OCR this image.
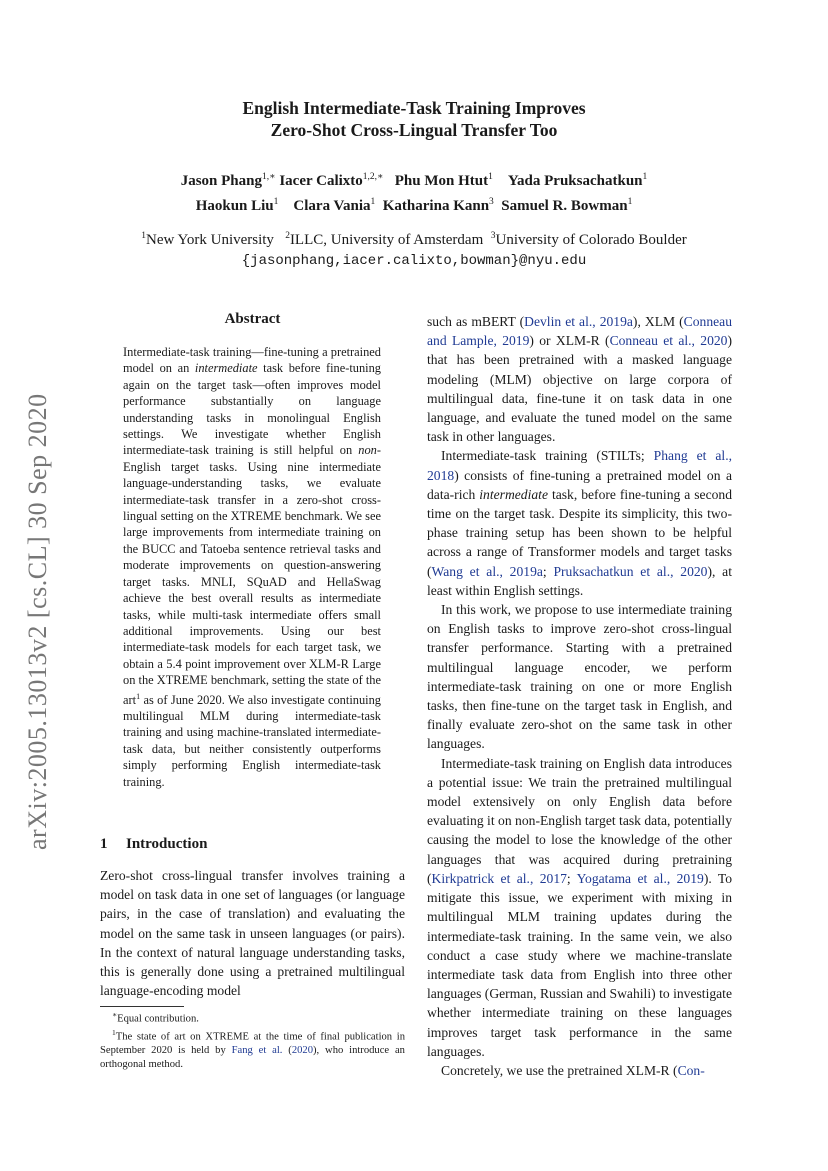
English Intermediate-Task Training Improves
Zero-Shot Cross-Lingual Transfer Too
Jason Phang$^{1,∗}$ Iacer Calixto$^{1,2,∗}$ Phu Mon Htut$^1$ Yada Pruksachatkun$^1$
Haokun Liu$^1$ Clara Vania$^1$ Katharina Kann$^3$ Samuel R. Bowman$^1$
$^1$New York University $^2$ILLC, University of Amsterdam $^3$University of Colorado Boulder
{jasonphang,iacer.calixto,bowman}@nyu.edu
arXiv:2005.13013v2 [cs.CL] 30 Sep 2020
Abstract
Intermediate-task training—fine-tuning a pretrained model on an intermediate task before fine-tuning again on the target task—often improves model performance substantially on language understanding tasks in monolingual English settings. We investigate whether English intermediate-task training is still helpful on non-English target tasks. Using nine intermediate language-understanding tasks, we evaluate intermediate-task transfer in a zero-shot cross-lingual setting on the XTREME benchmark. We see large improvements from intermediate training on the BUCC and Tatoeba sentence retrieval tasks and moderate improvements on question-answering target tasks. MNLI, SQuAD and HellaSwag achieve the best overall results as intermediate tasks, while multi-task intermediate offers small additional improvements. Using our best intermediate-task models for each target task, we obtain a 5.4 point improvement over XLM-R Large on the XTREME benchmark, setting the state of the art$^1$ as of June 2020. We also investigate continuing multilingual MLM during intermediate-task training and using machine-translated intermediate-task data, but neither consistently outperforms simply performing English intermediate-task training.
1 Introduction

Zero-shot cross-lingual transfer involves training a model on task data in one set of languages (or language pairs, in the case of translation) and evaluating the model on the same task in unseen languages (or pairs). In the context of natural language understanding tasks, this is generally done using a pretrained multilingual language-encoding model

∗Equal contribution.

$^1$The state of art on XTREME at the time of final publication in September 2020 is held by Fang et al. (2020), who introduce an orthogonal method.

such as mBERT (Devlin et al., 2019a), XLM (Conneau and Lample, 2019) or XLM-R (Conneau et al., 2020) that has been pretrained with a masked language modeling (MLM) objective on large corpora of multilingual data, fine-tune it on task data in one language, and evaluate the tuned model on the same task in other languages.

Intermediate-task training (STILTs; Phang et al., 2018) consists of fine-tuning a pretrained model on a data-rich intermediate task, before fine-tuning a second time on the target task. Despite its simplicity, this two-phase training setup has been shown to be helpful across a range of Transformer models and target tasks (Wang et al., 2019a; Pruksachatkun et al., 2020), at least within English settings.

In this work, we propose to use intermediate training on English tasks to improve zero-shot cross-lingual transfer performance. Starting with a pretrained multilingual language encoder, we perform intermediate-task training on one or more English tasks, then fine-tune on the target task in English, and finally evaluate zero-shot on the same task in other languages.

Intermediate-task training on English data introduces a potential issue: We train the pretrained multilingual model extensively on only English data before evaluating it on non-English target task data, potentially causing the model to lose the knowledge of the other languages that was acquired during pretraining (Kirkpatrick et al., 2017; Yogatama et al., 2019). To mitigate this issue, we experiment with mixing in multilingual MLM training updates during the intermediate-task training. In the same vein, we also conduct a case study where we machine-translate intermediate task data from English into three other languages (German, Russian and Swahili) to investigate whether intermediate training on these languages improves target task performance in the same languages.

Concretely, we use the pretrained XLM-R (Con-
